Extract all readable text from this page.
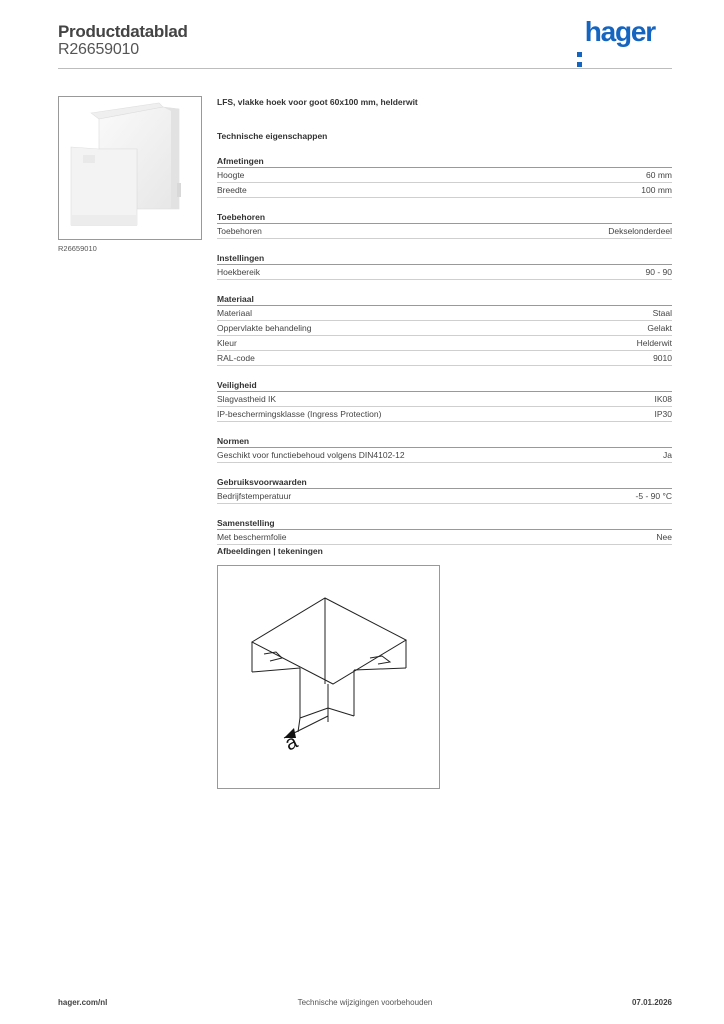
Productdatablad
R26659010
hager
R26659010
LFS, vlakke hoek voor goot 60x100 mm, helderwit
Technische eigenschappen
Afmetingen
Hoogte	60 mm
Breedte	100 mm
Toebehoren
Toebehoren	Dekselonderdeel
Instellingen
Hoekbereik	90 - 90
Materiaal
Materiaal	Staal
Oppervlakte behandeling	Gelakt
Kleur	Helderwit
RAL-code	9010
Veiligheid
Slagvastheid IK	IK08
IP-beschermingsklasse (Ingress Protection)	IP30
Normen
Geschikt voor functiebehoud volgens DIN4102-12	Ja
Gebruiksvoorwaarden
Bedrijfstemperatuur	-5 - 90 °C
Samenstelling
Met beschermfolie	Nee
Afbeeldingen | tekeningen
a
hager.com/nl	Technische wijzigingen voorbehouden	07.01.2026
